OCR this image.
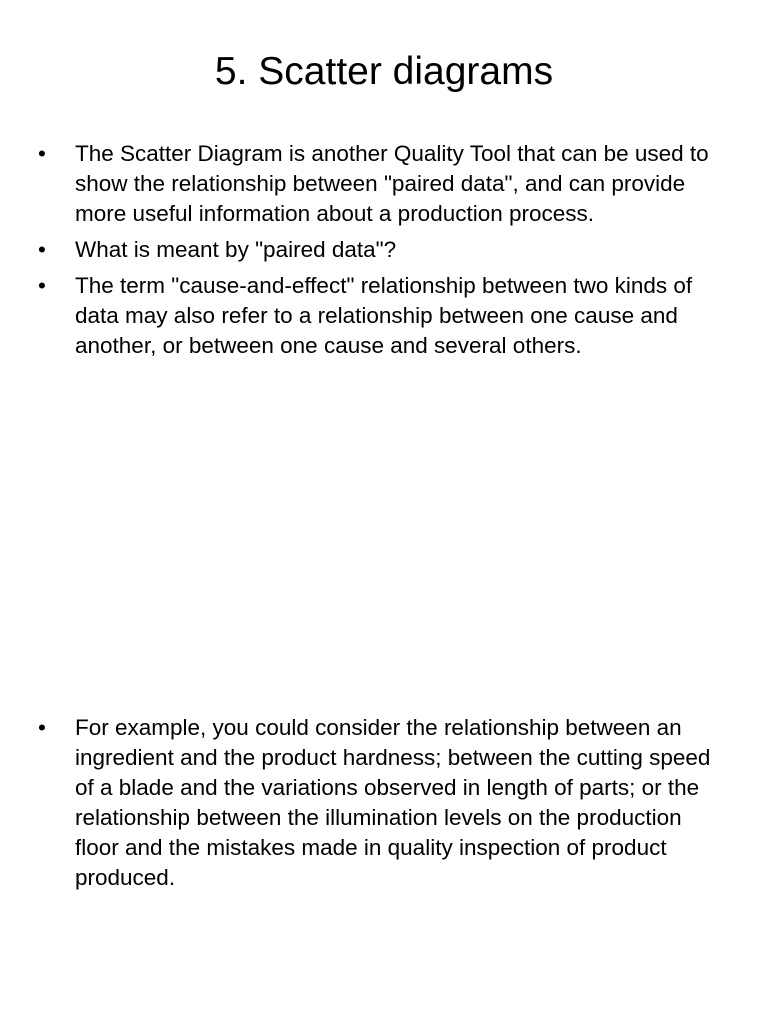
5. Scatter diagrams
•	The Scatter Diagram is another Quality Tool that can be used to show the relationship between "paired data", and can provide more useful information about a production process.
•	What is meant by "paired data"?
•	The term "cause-and-effect" relationship between two kinds of data may also refer to a relationship between one cause and another, or between one cause and several others.
•	For example, you could consider the relationship between an ingredient and the product hardness; between the cutting speed of a blade and the variations observed in length of parts; or the relationship between the illumination levels on the production floor and the mistakes made in quality inspection of product produced.
